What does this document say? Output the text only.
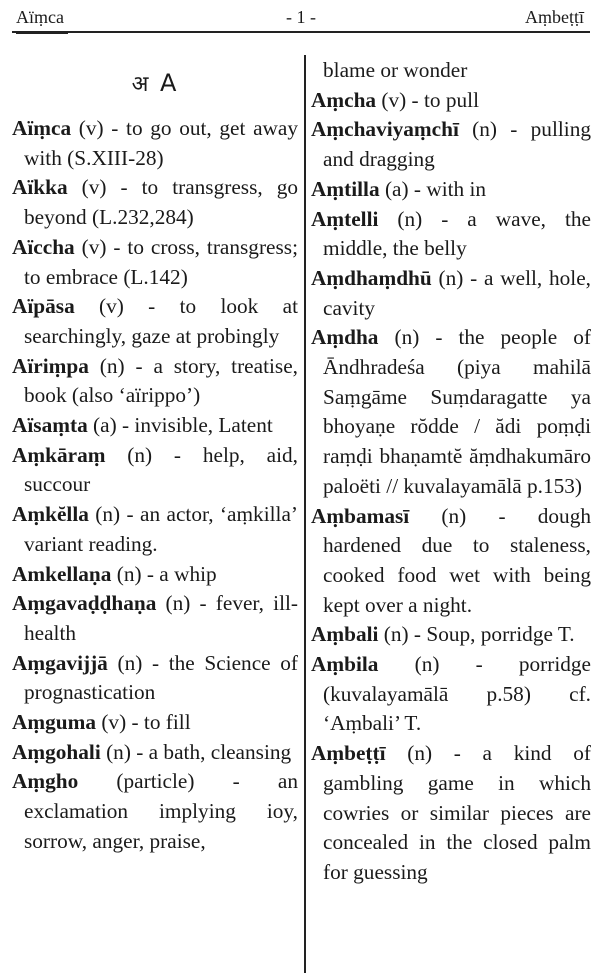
Aïṃca	- 1 -	Aṃbeṭṭī
अ A

Aïṃca (v) - to go out, get away with (S.XIII-28)

Aïkka (v) - to transgress, go beyond (L.232,284)

Aïccha (v) - to cross, transgress; to embrace (L.142)

Aïpāsa (v) - to look at searchingly, gaze at probingly

Aïriṃpa (n) - a story, treatise, book (also ‘aïrippo’)

Aïsaṃta (a) - invisible, Latent

Aṃkāraṃ (n) - help, aid, succour

Aṃkĕlla (n) - an actor, ‘aṃkilla’ variant reading.

Amkellaṇa (n) - a whip

Aṃgavaḍḍhaṇa (n) - fever, ill-health

Aṃgavijjā (n) - the Science of prognastication

Aṃguma (v) - to fill

Aṃgohali (n) - a bath, cleansing

Aṃgho (particle) - an exclamation implying ioy, sorrow, anger, praise,

blame or wonder

Aṃcha (v) - to pull

Aṃchaviyaṃchī (n) - pulling and dragging

Aṃtilla (a) - with in

Aṃtelli (n) - a wave, the middle, the belly

Aṃdhaṃdhū (n) - a well, hole, cavity

Aṃdha (n) - the people of Āndhradeśa (piya mahilā Saṃgāme Suṃdaragatte ya bhoyaṇe rŏdde / ădi poṃḍi raṃḍi bhaṇamtĕ ăṃdhakumāro paloëti // kuvalayamālā p.153)

Aṃbamasī (n) - dough hardened due to staleness, cooked food wet with being kept over a night.

Aṃbali (n) - Soup, porridge T.

Aṃbila (n) - porridge (kuvalayamālā p.58) cf. ‘Aṃbali’ T.

Aṃbeṭṭī (n) - a kind of gambling game in which cowries or similar pieces are concealed in the closed palm for guessing
